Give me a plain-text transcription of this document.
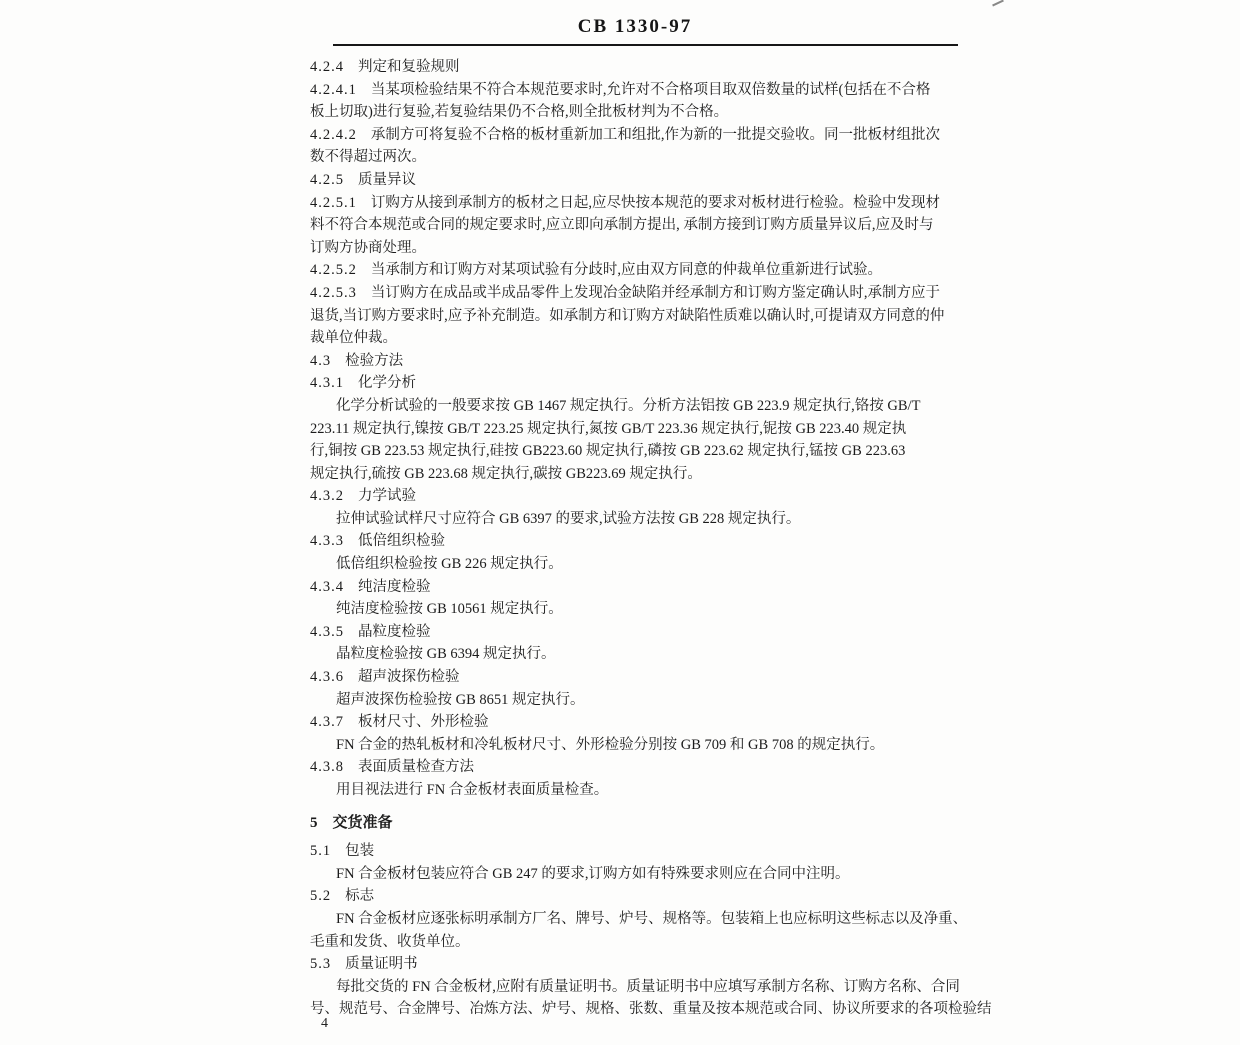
CB 1330-97
4.2.4 判定和复验规则
4.2.4.1 当某项检验结果不符合本规范要求时,允许对不合格项目取双倍数量的试样(包括在不合格
板上切取)进行复验,若复验结果仍不合格,则全批板材判为不合格。
4.2.4.2 承制方可将复验不合格的板材重新加工和组批,作为新的一批提交验收。同一批板材组批次
数不得超过两次。
4.2.5 质量异议
4.2.5.1 订购方从接到承制方的板材之日起,应尽快按本规范的要求对板材进行检验。检验中发现材
料不符合本规范或合同的规定要求时,应立即向承制方提出, 承制方接到订购方质量异议后,应及时与
订购方协商处理。
4.2.5.2 当承制方和订购方对某项试验有分歧时,应由双方同意的仲裁单位重新进行试验。
4.2.5.3 当订购方在成品或半成品零件上发现冶金缺陷并经承制方和订购方鉴定确认时,承制方应于
退货,当订购方要求时,应予补充制造。如承制方和订购方对缺陷性质难以确认时,可提请双方同意的仲
裁单位仲裁。
4.3 检验方法
4.3.1 化学分析
化学分析试验的一般要求按 GB 1467 规定执行。分析方法铝按 GB 223.9 规定执行,铬按 GB/T
223.11 规定执行,镍按 GB/T 223.25 规定执行,氮按 GB/T 223.36 规定执行,铌按 GB 223.40 规定执
行,铜按 GB 223.53 规定执行,硅按 GB223.60 规定执行,磷按 GB 223.62 规定执行,锰按 GB 223.63
规定执行,硫按 GB 223.68 规定执行,碳按 GB223.69 规定执行。
4.3.2 力学试验
拉伸试验试样尺寸应符合 GB 6397 的要求,试验方法按 GB 228 规定执行。
4.3.3 低倍组织检验
低倍组织检验按 GB 226 规定执行。
4.3.4 纯洁度检验
纯洁度检验按 GB 10561 规定执行。
4.3.5 晶粒度检验
晶粒度检验按 GB 6394 规定执行。
4.3.6 超声波探伤检验
超声波探伤检验按 GB 8651 规定执行。
4.3.7 板材尺寸、外形检验
FN 合金的热轧板材和冷轧板材尺寸、外形检验分别按 GB 709 和 GB 708 的规定执行。
4.3.8 表面质量检查方法
用目视法进行 FN 合金板材表面质量检查。
5 交货准备
5.1 包装
FN 合金板材包装应符合 GB 247 的要求,订购方如有特殊要求则应在合同中注明。
5.2 标志
FN 合金板材应逐张标明承制方厂名、牌号、炉号、规格等。包装箱上也应标明这些标志以及净重、
毛重和发货、收货单位。
5.3 质量证明书
每批交货的 FN 合金板材,应附有质量证明书。质量证明书中应填写承制方名称、订购方名称、合同
号、规范号、合金牌号、冶炼方法、炉号、规格、张数、重量及按本规范或合同、协议所要求的各项检验结
4
